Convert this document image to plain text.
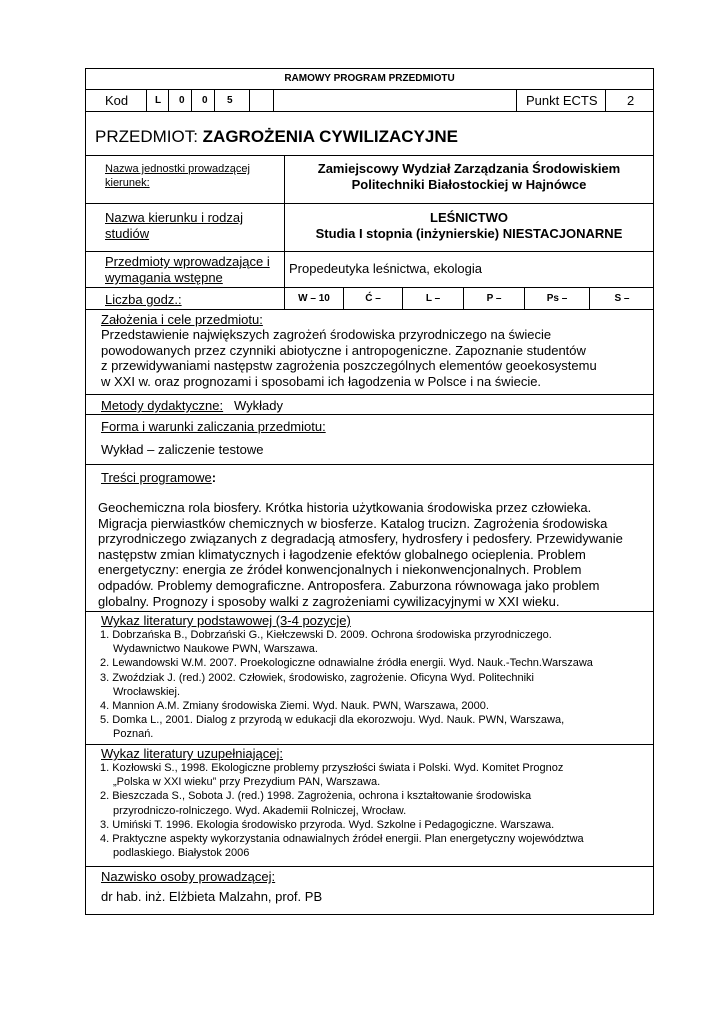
RAMOWY PROGRAM PRZEDMIOTU
Kod	L 0 0 5	Punkt ECTS 2
PRZEDMIOT: ZAGROŻENIA CYWILIZACYJNE
Nazwa jednostki prowadzącej
kierunek:
Zamiejscowy Wydział Zarządzania Środowiskiem
Politechniki Białostockiej w Hajnówce
Nazwa kierunku i rodzaj
studiów
LEŚNICTWO
Studia I stopnia (inżynierskie) NIESTACJONARNE
Przedmioty wprowadzające i
wymagania wstępne
Propedeutyka leśnictwa, ekologia
Liczba godz.:	W – 10	Ć –	L –	P –	Ps –	S –
Założenia i cele przedmiotu:
Przedstawienie największych zagrożeń środowiska przyrodniczego na świecie
powodowanych przez czynniki abiotyczne i antropogeniczne. Zapoznanie studentów
z przewidywaniami następstw zagrożenia poszczególnych elementów geoekosystemu
w XXI w. oraz prognozami i sposobami ich łagodzenia w Polsce i na świecie.
Metody dydaktyczne: Wykłady
Forma i warunki zaliczania przedmiotu:
Wykład – zaliczenie testowe
Treści programowe:
Geochemiczna rola biosfery. Krótka historia użytkowania środowiska przez człowieka.
Migracja pierwiastków chemicznych w biosferze. Katalog trucizn. Zagrożenia środowiska
przyrodniczego związanych z degradacją atmosfery, hydrosfery i pedosfery. Przewidywanie
następstw zmian klimatycznych i łagodzenie efektów globalnego ocieplenia. Problem
energetyczny: energia ze źródeł konwencjonalnych i niekonwencjonalnych. Problem
odpadów. Problemy demograficzne. Antroposfera. Zaburzona równowaga jako problem
globalny. Prognozy i sposoby walki z zagrożeniami cywilizacyjnymi w XXI wieku.
Wykaz literatury podstawowej (3-4 pozycje)
1. Dobrzańska B., Dobrzański G., Kiełczewski D. 2009. Ochrona środowiska przyrodniczego.
Wydawnictwo Naukowe PWN, Warszawa.
2. Lewandowski W.M. 2007. Proekologiczne odnawialne źródła energii. Wyd. Nauk.-Techn.Warszawa
3. Zwoździak J. (red.) 2002. Człowiek, środowisko, zagrożenie. Oficyna Wyd. Politechniki
Wrocławskiej.
4. Mannion A.M. Zmiany środowiska Ziemi. Wyd. Nauk. PWN, Warszawa, 2000.
5. Domka L., 2001. Dialog z przyrodą w edukacji dla ekorozwoju. Wyd. Nauk. PWN, Warszawa,
Poznań.
Wykaz literatury uzupełniającej:
1. Kozłowski S., 1998. Ekologiczne problemy przyszłości świata i Polski. Wyd. Komitet Prognoz
„Polska w XXI wieku” przy Prezydium PAN, Warszawa.
2. Bieszczada S., Sobota J. (red.) 1998. Zagrożenia, ochrona i kształtowanie środowiska
przyrodniczo-rolniczego. Wyd. Akademii Rolniczej, Wrocław.
3. Umiński T. 1996. Ekologia środowisko przyroda. Wyd. Szkolne i Pedagogiczne. Warszawa.
4. Praktyczne aspekty wykorzystania odnawialnych źródeł energii. Plan energetyczny województwa
podlaskiego. Białystok 2006
Nazwisko osoby prowadzącej:
dr hab. inż. Elżbieta Malzahn, prof. PB
